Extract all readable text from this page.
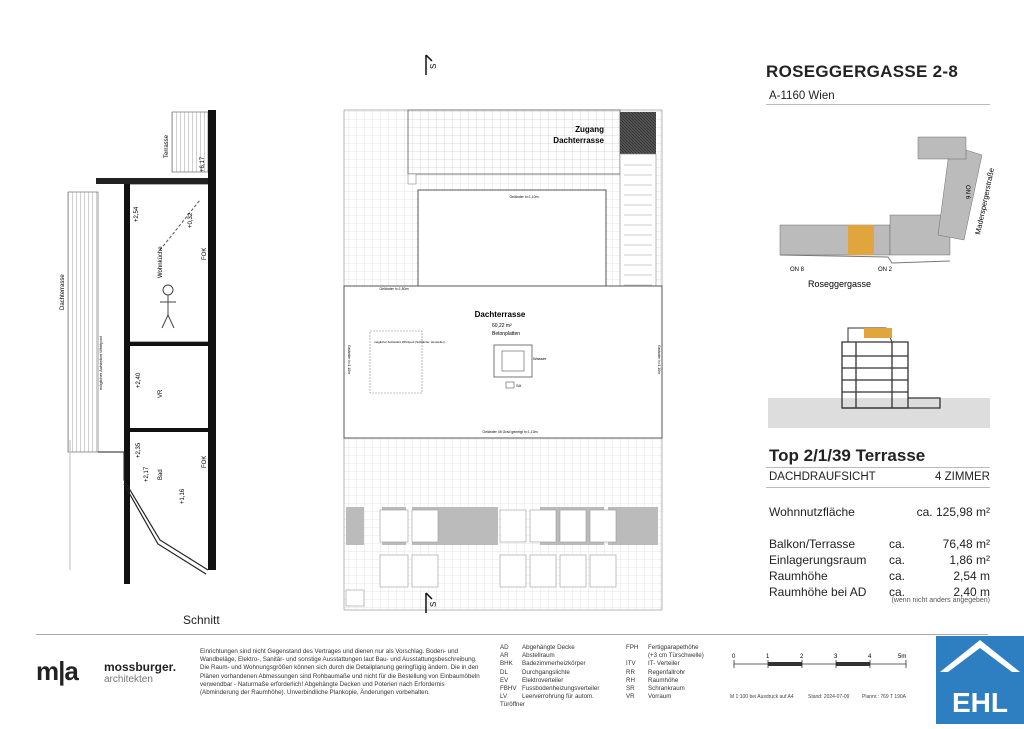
Dachterrasse
Terrasse
Wohnküche
VR
Bad
FOK
FOK
möglicher Aufstellort Whirlpool
+6,17
+2,54	+0,32
+2,40
+2,35
+2,17
+1,16
Schnitt
S
SA
Wasser
Dachterrasse
60,22 m²
Betonplatten
Zugang
Dachterrasse
Geländer h=1,10m
Geländer h=1,50m
Geländer 45 Grad geneigt h=1,13m
Geländer h=1,10m
Geländer h=1,10m
möglicher Aufstellort Whirlpool (Sitzfläche: Hersteller)
S
ROSEGGERGASSE 2-8
A-1160 Wien
Roseggergasse
Maderspergerstraße
ON 8	ON 2
ON 6
Top 2/1/39 Terrasse
DACHDRAUFSICHT	4 ZIMMER
Wohnnutzfläche	ca. 125,98 m²
Balkon/Terrasse	ca.	76,48 m²
Einlagerungsraum ca.	1,86 m²
Raumhöhe	ca.	2,54 m
Raumhöhe bei AD ca.	2,40 m
(wenn nicht anders angegeben)
m|a mossburger.
architekten
Einrichtungen sind nicht Gegenstand des Vertrages und dienen nur als Vorschlag. Boden- und Wandbeläge, Elektro-, Sanitär- und sonstige Ausstattungen laut Bau- und Ausstattungsbeschreibung. Die Raum- und Wohnungsgrößen können sich durch die Detailplanung geringfügig ändern. Die in den Plänen vorhandenen Abmessungen sind Rohbaumaße und nicht für die Bestellung von Einbaumöbeln verwendbar - Naturmaße erforderlich! Abgehängte Decken und Poterien nach Erfordernis (Abminderung der Raumhöhe). Unverbindliche Plankopie, Änderungen vorbehalten.
AD Abgehängte Decke
AR Abstellraum
BHK Badezimmerheizkörper
DL Durchgangslichte
EV Elektroverteiler
FBHV Fussbodenheizungsverteiler
LV Leerverrohrung für autom. Türöffner
FPH Fertigparapethöhe
(+3 cm Türschwelle)
ITV IT- Verteiler
RR Regenfallrohr
RH Raumhöhe
SR Schrankraum
VR Vorraum
0	1	2	3	4	5m
M 1:100 bei Ausdruck auf A4	Stand: 2024-07-09	Plannr.: 769 T 190A EHL
